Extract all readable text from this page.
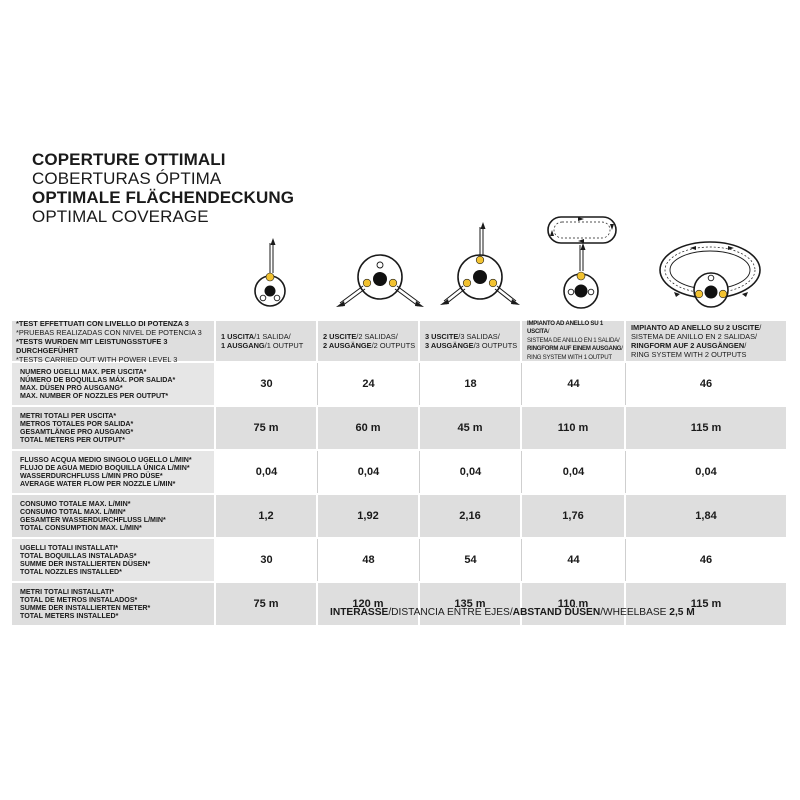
COPERTURE OTTIMALI
COBERTURAS ÓPTIMA
OPTIMALE FLÄCHENDECKUNG
OPTIMAL COVERAGE
*TEST EFFETTUATI CON LIVELLO DI POTENZA 3
*PRUEBAS REALIZADAS CON NIVEL DE POTENCIA 3
*TESTS WURDEN MIT LEISTUNGSSTUFE 3 DURCHGEFÜHRT
*TESTS CARRIED OUT WITH POWER LEVEL 3
1 USCITA/1 SALIDA/
1 AUSGANG/1 OUTPUT
2 USCITE/2 SALIDAS/
2 AUSGÄNGE/2 OUTPUTS
3 USCITE/3 SALIDAS/
3 AUSGÄNGE/3 OUTPUTS
IMPIANTO AD ANELLO SU 1 USCITA/
SISTEMA DE ANILLO EN 1 SALIDA/
RINGFORM AUF EINEM AUSGANG/
RING SYSTEM WITH 1 OUTPUT
IMPIANTO AD ANELLO SU 2 USCITE/
SISTEMA DE ANILLO EN 2 SALIDAS/
RINGFORM AUF 2 AUSGÄNGEN/
RING SYSTEM WITH 2 OUTPUTS
NUMERO UGELLI MAX. PER USCITA*
NÚMERO DE BOQUILLAS MÁX. POR SALIDA*
MAX. DÜSEN PRO AUSGANG*
MAX. NUMBER OF NOZZLES PER OUTPUT*
30	24	18	44	46
METRI TOTALI PER USCITA*
METROS TOTALES POR SALIDA*
GESAMTLÄNGE PRO AUSGANG*
TOTAL METERS PER OUTPUT*
75 m	60 m	45 m	110 m	115 m
FLUSSO ACQUA MEDIO SINGOLO UGELLO L/MIN*
FLUJO DE AGUA MEDIO BOQUILLA ÚNICA L/MIN*
WASSERDURCHFLUSS L/MIN PRO DÜSE*
AVERAGE WATER FLOW PER NOZZLE L/MIN*
0,04	0,04	0,04	0,04	0,04
CONSUMO TOTALE MAX. L/MIN*
CONSUMO TOTAL MAX. L/MIN*
GESAMTER WASSERDURCHFLUSS L/MIN*
TOTAL CONSUMPTION MAX. L/MIN*
1,2	1,92	2,16	1,76	1,84
UGELLI TOTALI INSTALLATI*
TOTAL BOQUILLAS INSTALADAS*
SUMME DER INSTALLIERTEN DÜSEN*
TOTAL NOZZLES INSTALLED*
30	48	54	44	46
METRI TOTALI INSTALLATI*
TOTAL DE METROS INSTALADOS*
SUMME DER INSTALLIERTEN METER*
TOTAL METERS INSTALLED*
75 m	120 m	135 m	110 m	115 m
INTERASSE/DISTANCIA ENTRE EJES/ABSTAND DÜSEN/WHEELBASE 2,5 M
